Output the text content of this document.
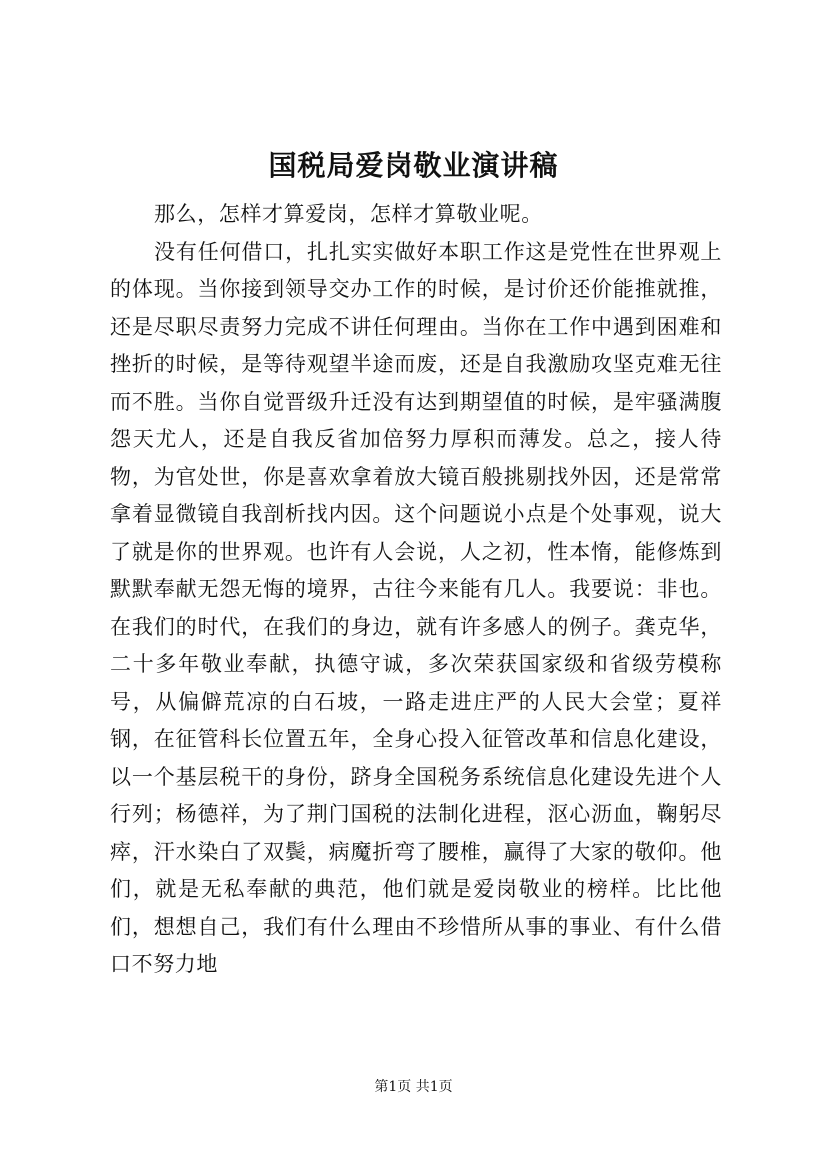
国税局爱岗敬业演讲稿

那么，怎样才算爱岗，怎样才算敬业呢。

没有任何借口，扎扎实实做好本职工作这是党性在世界观上的体现。当你接到领导交办工作的时候，是讨价还价能推就推，还是尽职尽责努力完成不讲任何理由。当你在工作中遇到困难和挫折的时候，是等待观望半途而废，还是自我激励攻坚克难无往而不胜。当你自觉晋级升迁没有达到期望值的时候，是牢骚满腹怨天尤人，还是自我反省加倍努力厚积而薄发。总之，接人待物，为官处世，你是喜欢拿着放大镜百般挑剔找外因，还是常常拿着显微镜自我剖析找内因。这个问题说小点是个处事观，说大了就是你的世界观。也许有人会说，人之初，性本惰，能修炼到默默奉献无怨无悔的境界，古往今来能有几人。我要说：非也。在我们的时代，在我们的身边，就有许多感人的例子。龚克华，二十多年敬业奉献，执德守诚，多次荣获国家级和省级劳模称号，从偏僻荒凉的白石坡，一路走进庄严的人民大会堂；夏祥钢，在征管科长位置五年，全身心投入征管改革和信息化建设，以一个基层税干的身份，跻身全国税务系统信息化建设先进个人行列；杨德祥，为了荆门国税的法制化进程，沤心沥血，鞠躬尽瘁，汗水染白了双鬓，病魔折弯了腰椎，赢得了大家的敬仰。他们，就是无私奉献的典范，他们就是爱岗敬业的榜样。比比他们，想想自己，我们有什么理由不珍惜所从事的事业、有什么借口不努力地

第1页 共1页
